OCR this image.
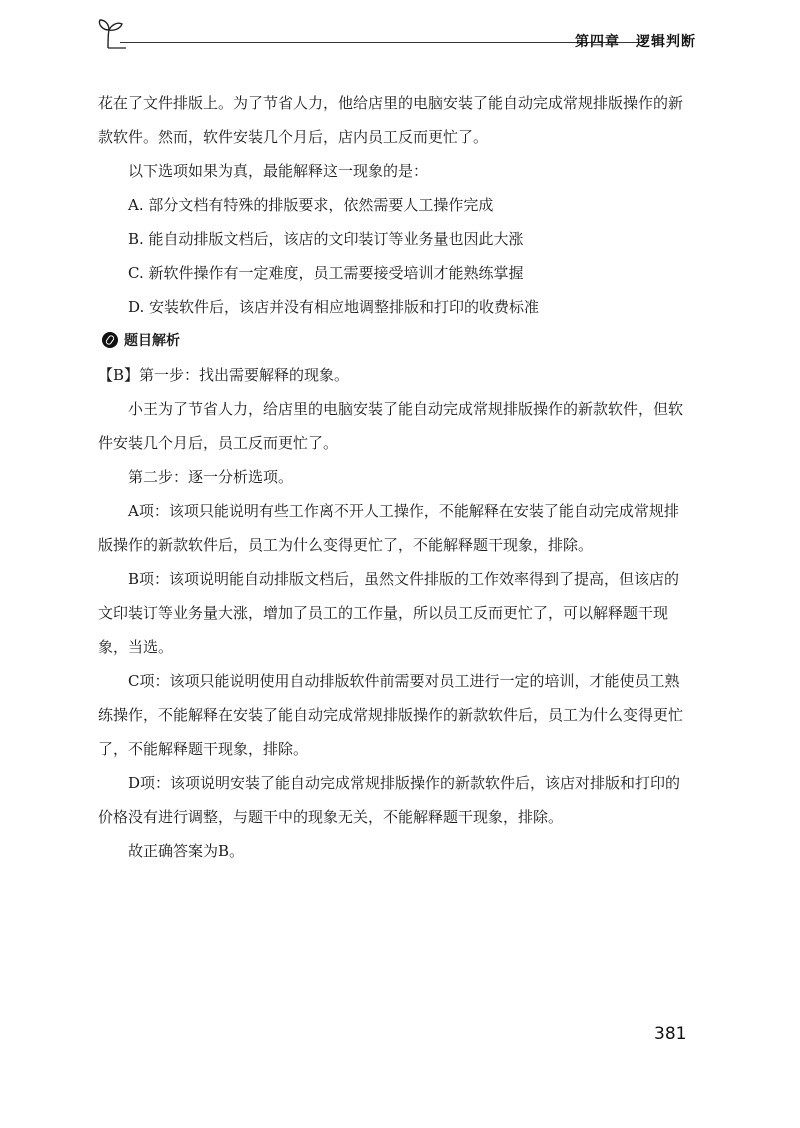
第四章 逻辑判断

花在了文件排版上。为了节省人力，他给店里的电脑安装了能自动完成常规排版操作的新款软件。然而，软件安装几个月后，店内员工反而更忙了。

以下选项如果为真，最能解释这一现象的是：

A. 部分文档有特殊的排版要求，依然需要人工操作完成

B. 能自动排版文档后，该店的文印装订等业务量也因此大涨

C. 新软件操作有一定难度，员工需要接受培训才能熟练掌握

D. 安装软件后，该店并没有相应地调整排版和打印的收费标准

题目解析

【B】第一步：找出需要解释的现象。

小王为了节省人力，给店里的电脑安装了能自动完成常规排版操作的新款软件，但软件安装几个月后，员工反而更忙了。

第二步：逐一分析选项。

A项：该项只能说明有些工作离不开人工操作，不能解释在安装了能自动完成常规排版操作的新款软件后，员工为什么变得更忙了，不能解释题干现象，排除。

B项：该项说明能自动排版文档后，虽然文件排版的工作效率得到了提高，但该店的文印装订等业务量大涨，增加了员工的工作量，所以员工反而更忙了，可以解释题干现象，当选。

C项：该项只能说明使用自动排版软件前需要对员工进行一定的培训，才能使员工熟练操作，不能解释在安装了能自动完成常规排版操作的新款软件后，员工为什么变得更忙了，不能解释题干现象，排除。

D项：该项说明安装了能自动完成常规排版操作的新款软件后，该店对排版和打印的价格没有进行调整，与题干中的现象无关，不能解释题干现象，排除。

故正确答案为B。

381
